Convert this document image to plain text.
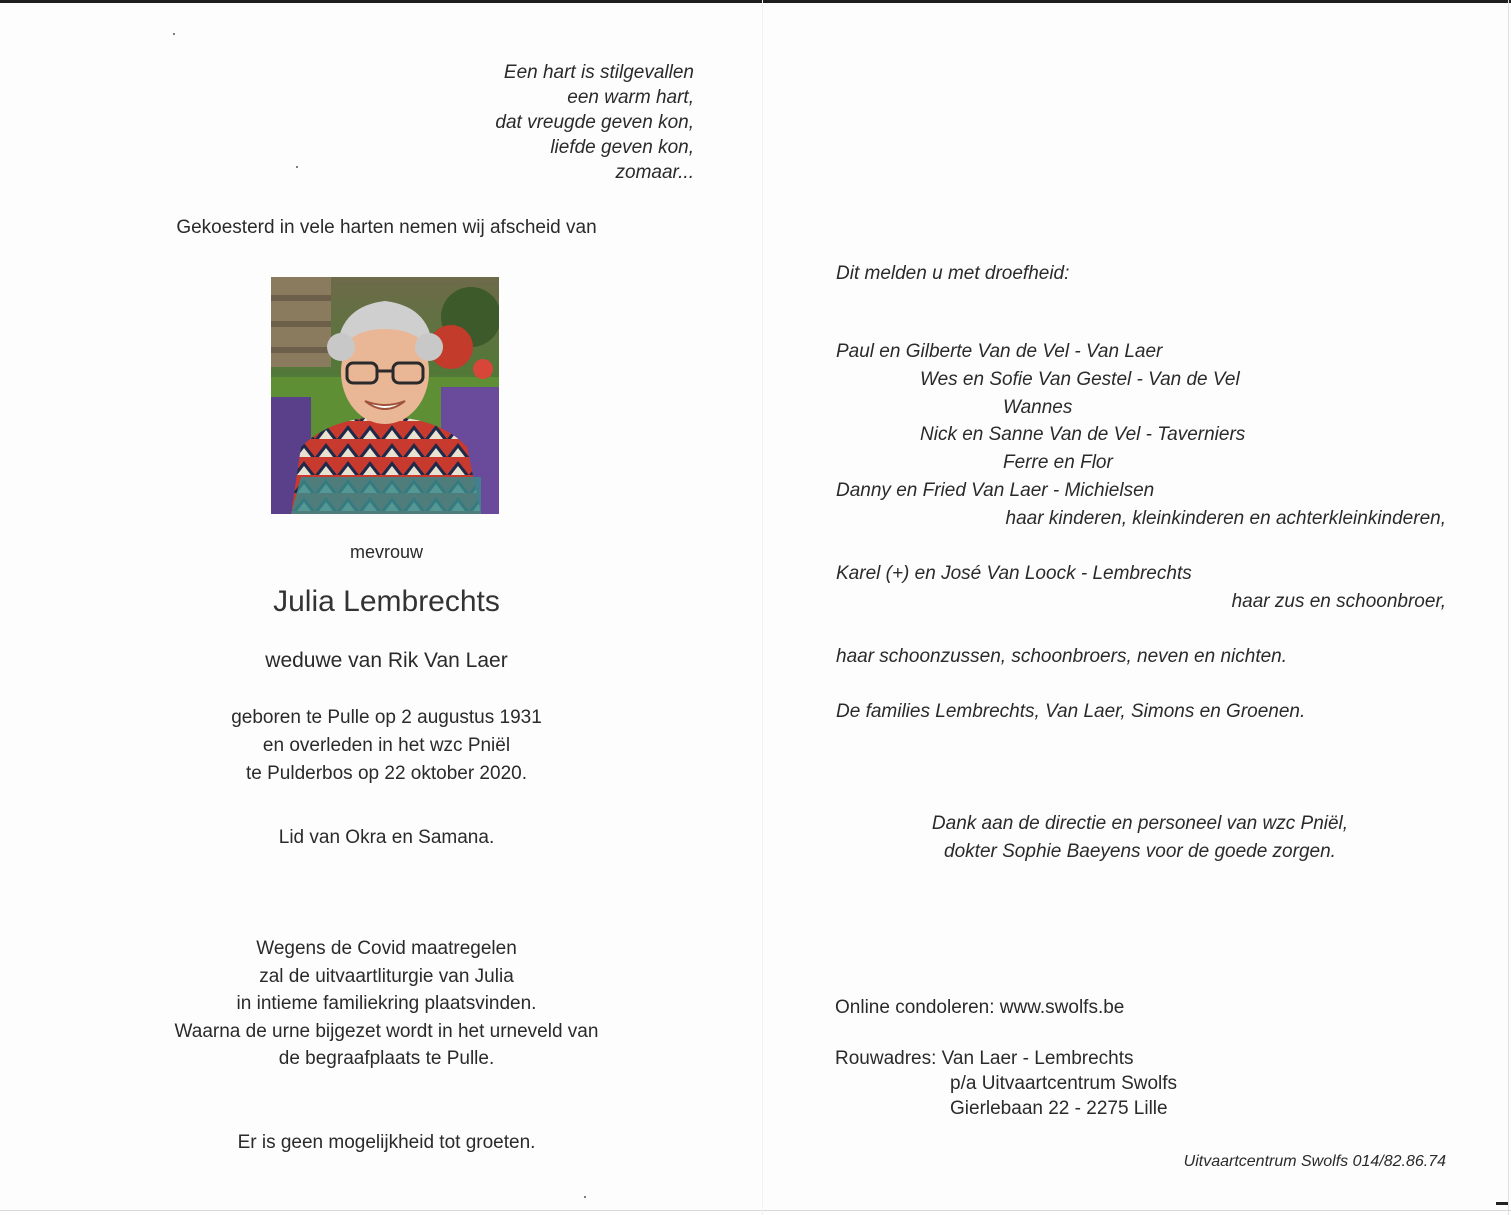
Een hart is stilgevallen
een warm hart,
dat vreugde geven kon,
liefde geven kon,
zomaar...
Gekoesterd in vele harten nemen wij afscheid van
mevrouw
Julia Lembrechts
weduwe van Rik Van Laer
geboren te Pulle op 2 augustus 1931
en overleden in het wzc Pniël
te Pulderbos op 22 oktober 2020.
Lid van Okra en Samana.
Wegens de Covid maatregelen
zal de uitvaartliturgie van Julia
in intieme familiekring plaatsvinden.
Waarna de urne bijgezet wordt in het urneveld van
de begraafplaats te Pulle.
Er is geen mogelijkheid tot groeten.
Dit melden u met droefheid:
Paul en Gilberte Van de Vel - Van Laer
Wes en Sofie Van Gestel - Van de Vel
Wannes
Nick en Sanne Van de Vel - Taverniers
Ferre en Flor
Danny en Fried Van Laer - Michielsen
haar kinderen, kleinkinderen en achterkleinkinderen,
Karel (+) en José Van Loock - Lembrechts
haar zus en schoonbroer,
haar schoonzussen, schoonbroers, neven en nichten.
De families Lembrechts, Van Laer, Simons en Groenen.
Dank aan de directie en personeel van wzc Pniël,
dokter Sophie Baeyens voor de goede zorgen.
Online condoleren: www.swolfs.be
Rouwadres: Van Laer - Lembrechts
p/a Uitvaartcentrum Swolfs
Gierlebaan 22 - 2275 Lille
Uitvaartcentrum Swolfs 014/82.86.74
